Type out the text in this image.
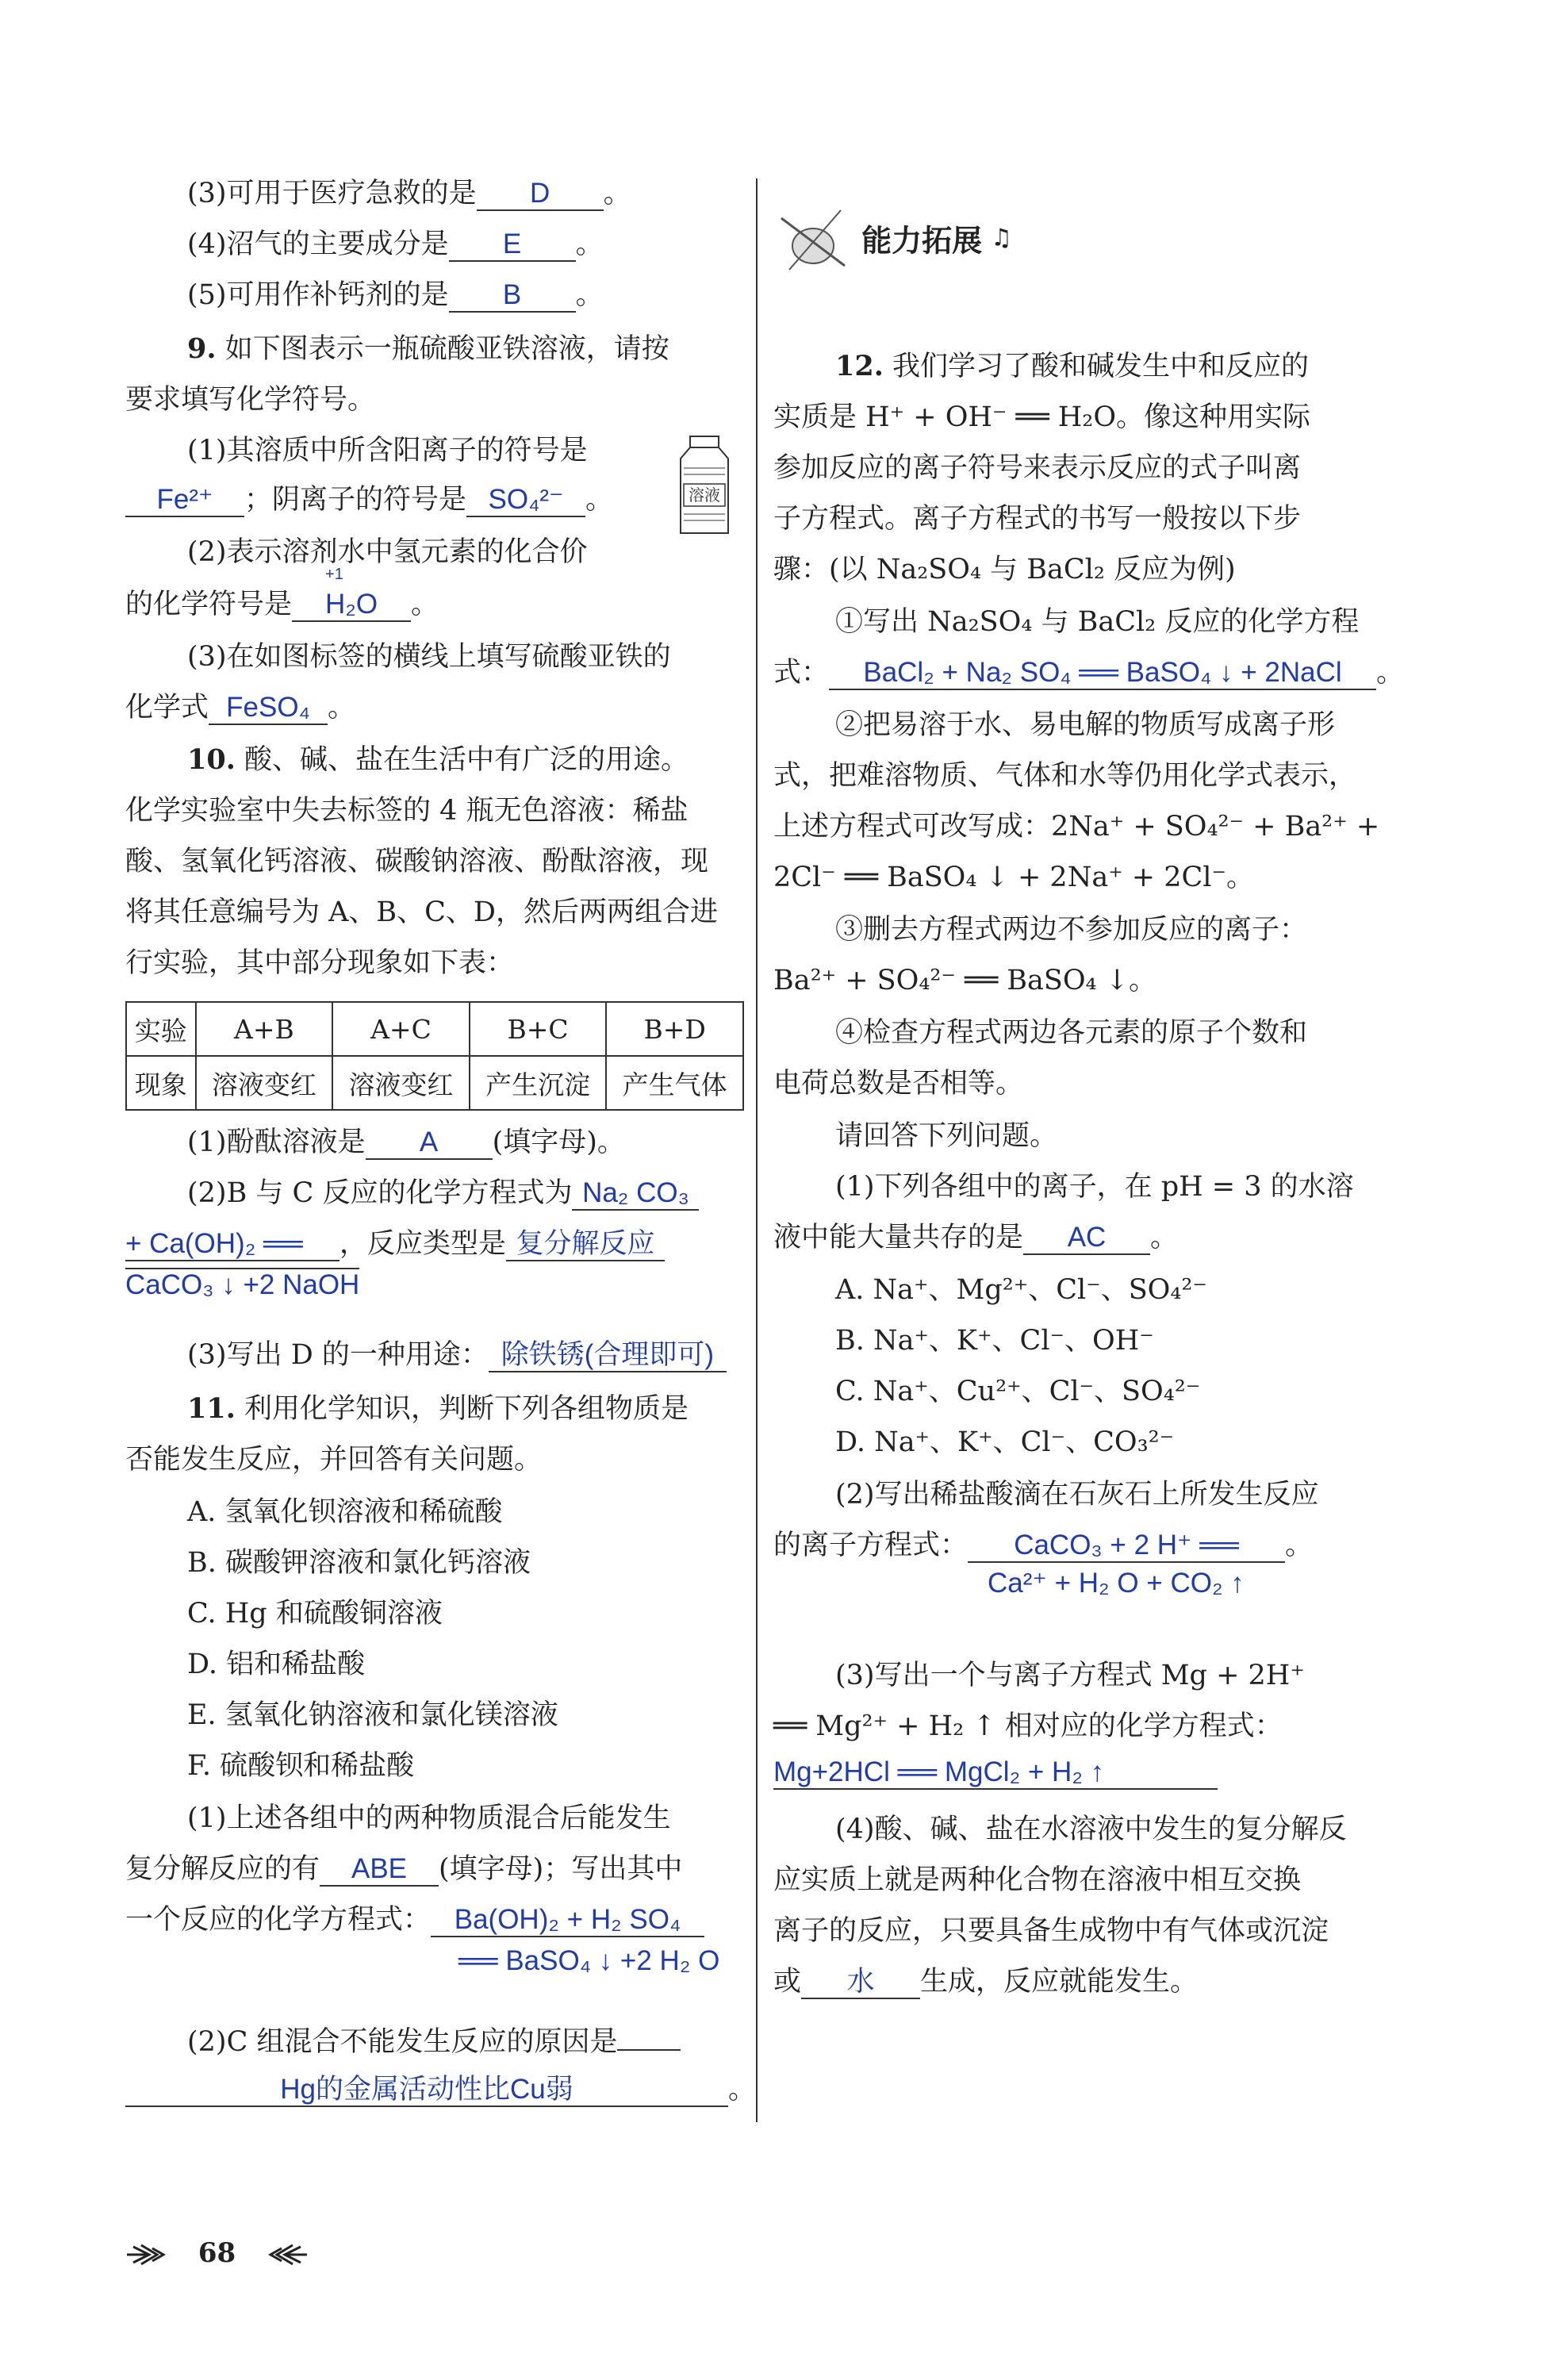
(3)可用于医疗急救的是 D 。
(4)沼气的主要成分是 E 。
(5)可用作补钙剂的是 B 。
9. 如下图表示一瓶硫酸亚铁溶液，请按
要求填写化学符号。
(1)其溶质中所含阳离子的符号是
Fe²⁺ ；阴离子的符号是 SO₄²⁻ 。
(2)表示溶剂水中氢元素的化合价
的化学符号是
+1
H₂O 。
(3)在如图标签的横线上填写硫酸亚铁的
化学式 FeSO₄ 。
溶液
10. 酸、碱、盐在生活中有广泛的用途。
化学实验室中失去标签的 4 瓶无色溶液：稀盐
酸、氢氧化钙溶液、碳酸钠溶液、酚酞溶液，现
将其任意编号为 A、B、C、D，然后两两组合进
行实验，其中部分现象如下表：
实验	A+B	A+C	B+C	B+D
现象	溶液变红	溶液变红	产生沉淀	产生气体
(1)酚酞溶液是 A (填字母)。
(2)B 与 C 反应的化学方程式为 Na₂ CO₃
+ Ca(OH)₂ ══ ，反应类型是 复分解反应
CaCO₃ ↓ +2 NaOH
(3)写出 D 的一种用途： 除铁锈(合理即可)
11. 利用化学知识，判断下列各组物质是
否能发生反应，并回答有关问题。
A. 氢氧化钡溶液和稀硫酸
B. 碳酸钾溶液和氯化钙溶液
C. Hg 和硫酸铜溶液
D. 铝和稀盐酸
E. 氢氧化钠溶液和氯化镁溶液
F. 硫酸钡和稀盐酸
(1)上述各组中的两种物质混合后能发生
复分解反应的有 ABE (填字母)；写出其中
一个反应的化学方程式： Ba(OH)₂ + H₂ SO₄
══ BaSO₄ ↓ +2 H₂ O
(2)C 组混合不能发生反应的原因是
Hg的金属活动性比Cu弱	。
68
能力拓展 ♫
12. 我们学习了酸和碱发生中和反应的
实质是 H⁺ + OH⁻ ══ H₂O。像这种用实际
参加反应的离子符号来表示反应的式子叫离
子方程式。离子方程式的书写一般按以下步
骤：(以 Na₂SO₄ 与 BaCl₂ 反应为例)
①写出 Na₂SO₄ 与 BaCl₂ 反应的化学方程
式： BaCl₂ + Na₂ SO₄ ══ BaSO₄ ↓ + 2NaCl 。
②把易溶于水、易电解的物质写成离子形
式，把难溶物质、气体和水等仍用化学式表示，
上述方程式可改写成：2Na⁺ + SO₄²⁻ + Ba²⁺ +
2Cl⁻ ══ BaSO₄ ↓ + 2Na⁺ + 2Cl⁻。
③删去方程式两边不参加反应的离子：
Ba²⁺ + SO₄²⁻ ══ BaSO₄ ↓。
④检查方程式两边各元素的原子个数和
电荷总数是否相等。
请回答下列问题。
(1)下列各组中的离子，在 pH = 3 的水溶
液中能大量共存的是 AC 。
A. Na⁺、Mg²⁺、Cl⁻、SO₄²⁻
B. Na⁺、K⁺、Cl⁻、OH⁻
C. Na⁺、Cu²⁺、Cl⁻、SO₄²⁻
D. Na⁺、K⁺、Cl⁻、CO₃²⁻
(2)写出稀盐酸滴在石灰石上所发生反应
的离子方程式： CaCO₃ + 2 H⁺ ══ 。
Ca²⁺ + H₂ O + CO₂ ↑
(3)写出一个与离子方程式 Mg + 2H⁺
══ Mg²⁺ + H₂ ↑ 相对应的化学方程式：
Mg+2HCl ══ MgCl₂ + H₂ ↑
(4)酸、碱、盐在水溶液中发生的复分解反
应实质上就是两种化合物在溶液中相互交换
离子的反应，只要具备生成物中有气体或沉淀
或 水 生成，反应就能发生。
